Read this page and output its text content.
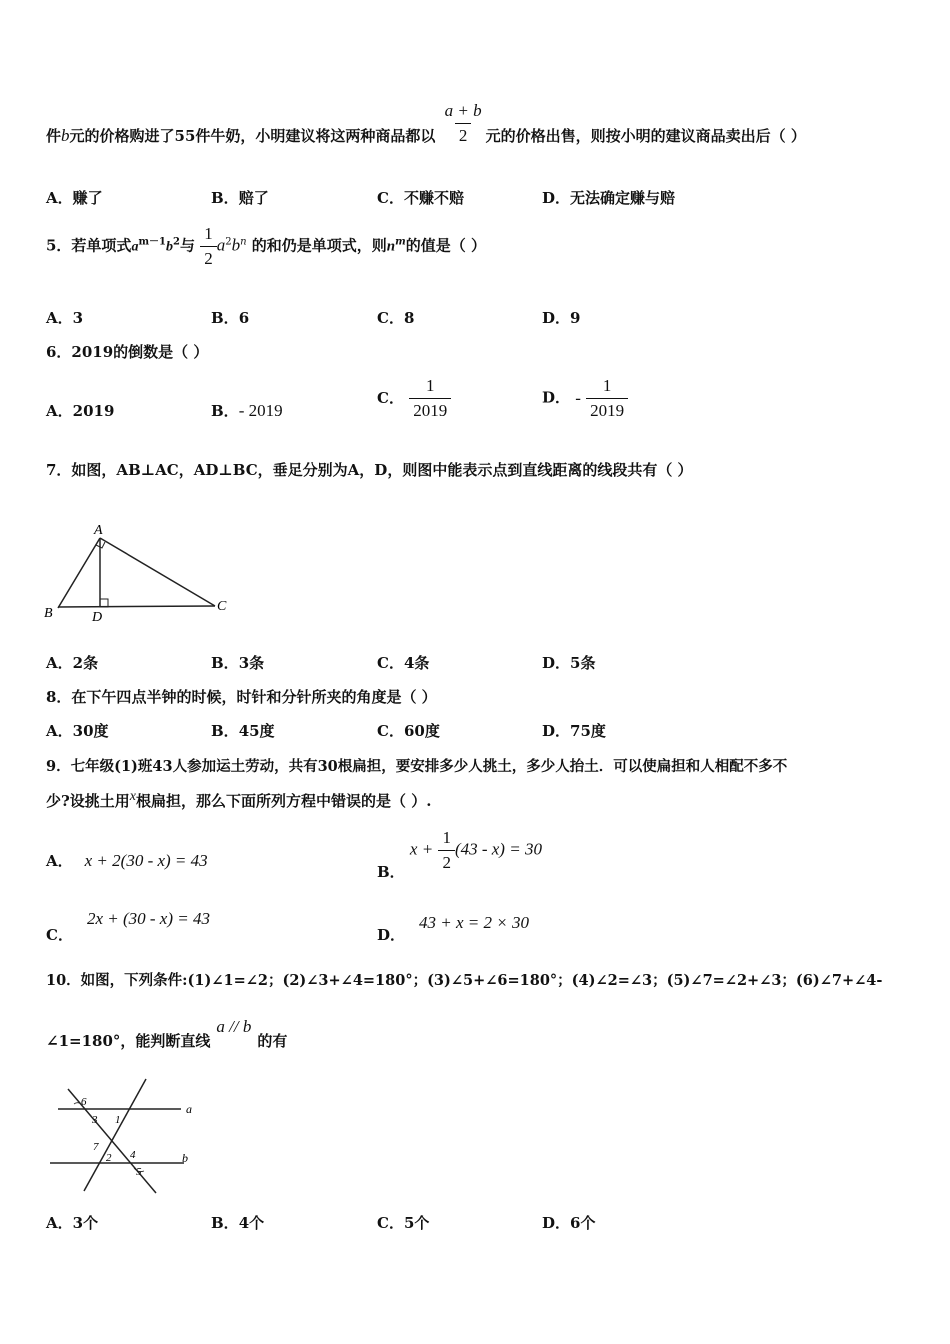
件b元的价格购进了55件牛奶，小明建议将这两种商品都以 $\frac{a + b}{2}$ 元的价格出售，则按小明的建议商品卖出后（ ）
A．赚了	B．赔了	C．不赚不赔	D．无法确定赚与赔
5．若单项式$a^{m-1}b^2$与 $\frac{1}{2} a^2b^n$ 的和仍是单项式，则$n^m$的值是（ ）
A．3	B．6	C．8	D．9
6．2019的倒数是（ ）
A．2019	B．- 2019
C． $\frac{1}{2019}$	D． - $\frac{1}{2019}$
7．如图，AB⊥AC，AD⊥BC，垂足分别为A，D，则图中能表示点到直线距离的线段共有（ ）
A
B	C
D
A．2条	B．3条	C．4条	D．5条
8．在下午四点半钟的时候，时针和分针所夹的角度是（ ）
A．30度	B．45度	C．60度	D．75度
9．七年级(1)班43人参加运土劳动，共有30根扁担，要安排多少人挑土，多少人抬土．可以使扁担和人相配不多不
少?设挑土用x根扁担，那么下面所列方程中错误的是（ ）.
A． x + 2(30 - x) = 43
B． $x + \frac{1}{2} (43 - x) = 30$
C．2x + (30 - x) = 43
D．43 + x = 2 × 30
10．如图，下列条件:(1)∠1=∠2；(2)∠3+∠4=180°；(3)∠5+∠6=180°；(4)∠2=∠3；(5)∠7=∠2+∠3；(6)∠7+∠4-
∠1=180°，能判断直线a // b的有
a
b
6
3 1
7
2 4
5
A．3个	B．4个	C．5个	D．6个
